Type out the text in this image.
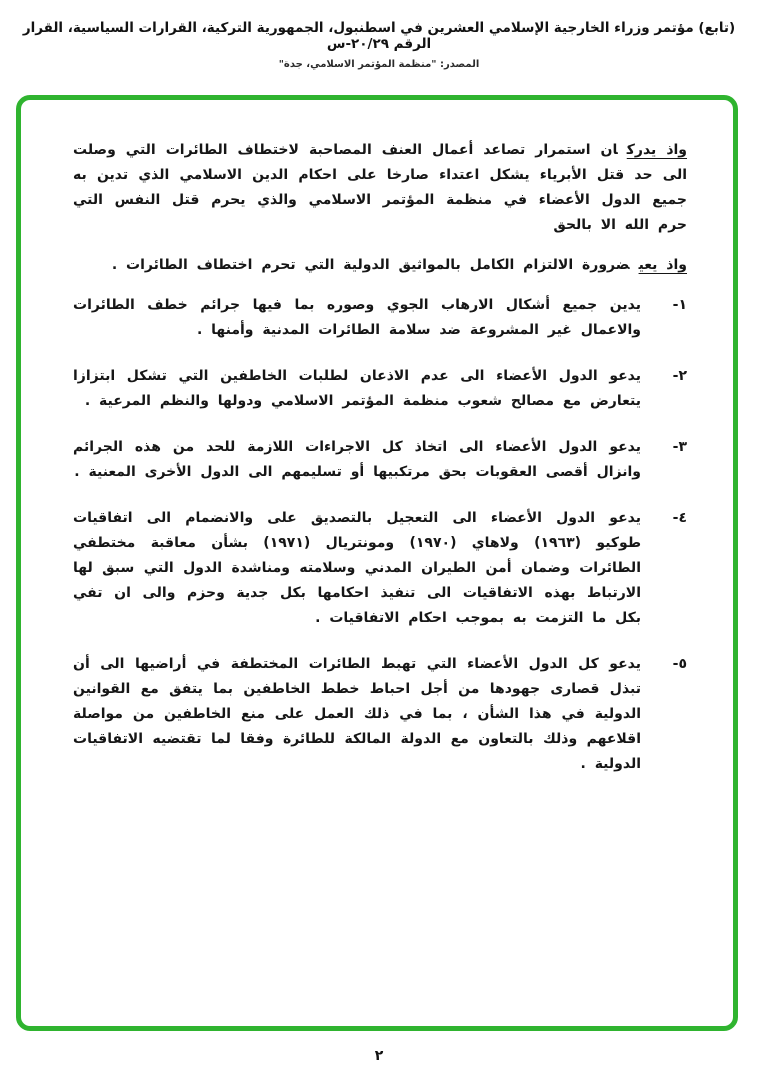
(تابع) مؤتمر وزراء الخارجية الإسلامي العشرين في اسطنبول، الجمهورية التركية، القرارات السياسية، القرار الرقم ٢٠/٢٩-س
المصدر: "منظمة المؤتمر الاسلامي، جدة"

واذ يدركان استمرار تصاعد أعمال العنف المصاحبة لاختطاف الطائرات التي وصلت الى حد قتل الأبرياء يشكل اعتداء صارخا على احكام الدين الاسلامي الذي تدين به جميع الدول الأعضاء في منظمة المؤتمر الاسلامي والذي يحرم قتل النفس التي حرم الله الا بالحق

واذ يعيضرورة الالتزام الكامل بالمواثيق الدولية التي تحرم اختطاف الطائرات .

١-
يدين جميع أشكال الارهاب الجوي وصوره بما فيها جرائم خطف الطائرات والاعمال غير المشروعة ضد سلامة الطائرات المدنية وأمنها .
٢-
يدعو الدول الأعضاء الى عدم الاذعان لطلبات الخاطفين التي تشكل ابتزازا يتعارض مع مصالح شعوب منظمة المؤتمر الاسلامي ودولها والنظم المرعية .
٣-
يدعو الدول الأعضاء الى اتخاذ كل الاجراءات اللازمة للحد من هذه الجرائم وانزال أقصى العقوبات بحق مرتكبيها أو تسليمهم الى الدول الأخرى المعنية .
٤-
يدعو الدول الأعضاء الى التعجيل بالتصديق على والانضمام الى اتفاقيات طوكيو (١٩٦٣) ولاهاي (١٩٧٠) ومونتريال (١٩٧١) بشأن معاقبة مختطفي الطائرات وضمان أمن الطيران المدني وسلامته ومناشدة الدول التي سبق لها الارتباط بهذه الاتفاقيات الى تنفيذ احكامها بكل جدية وحزم والى ان تفي بكل ما التزمت به بموجب احكام الاتفاقيات .
٥-
يدعو كل الدول الأعضاء التي تهبط الطائرات المختطفة في أراضيها الى أن تبذل قصارى جهودها من أجل احباط خطط الخاطفين بما يتفق مع القوانين الدولية في هذا الشأن ، بما في ذلك العمل على منع الخاطفين من مواصلة اقلاعهم وذلك بالتعاون مع الدولة المالكة للطائرة وفقا لما تقتضيه الاتفاقيات الدولية .
٢
